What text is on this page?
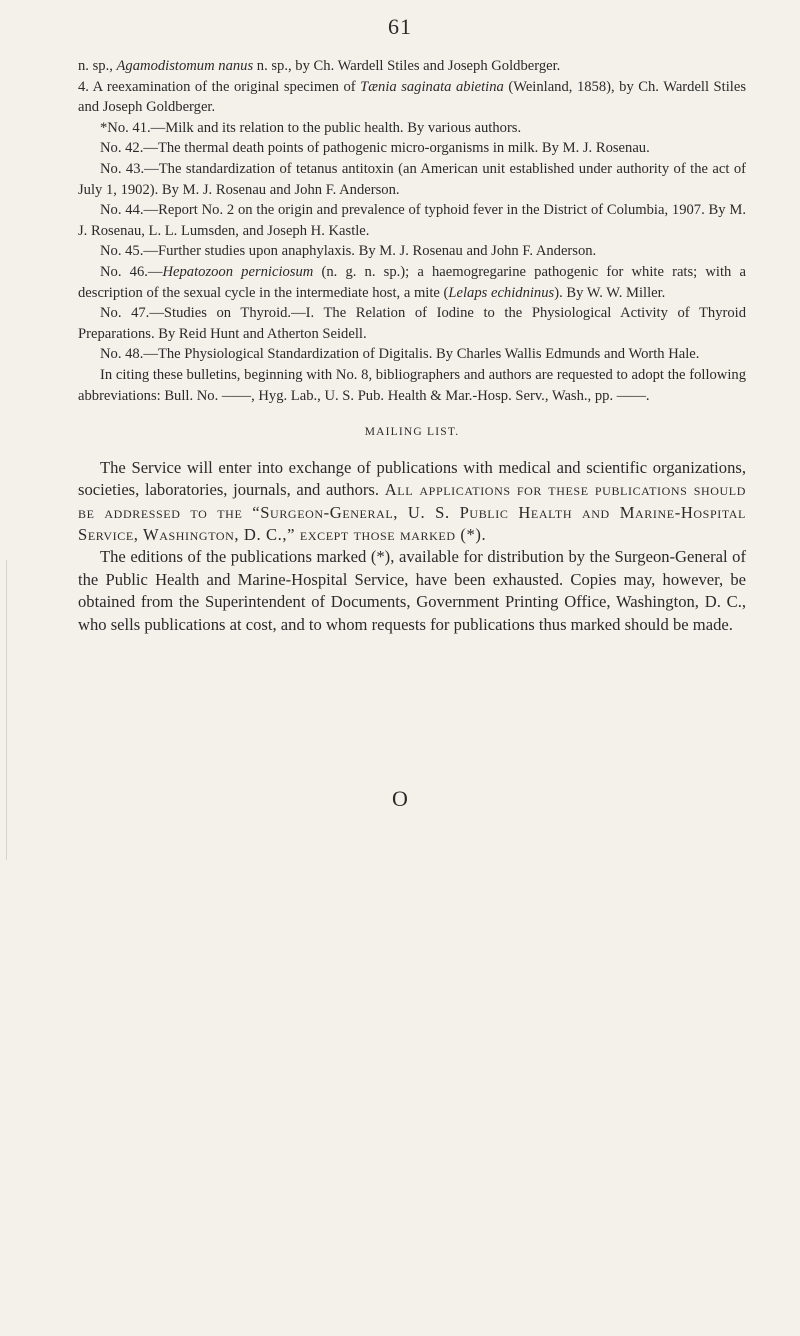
61

n. sp., Agamodistomum nanus n. sp., by Ch. Wardell Stiles and Joseph Goldberger.

4. A reexamination of the original specimen of Tænia saginata abietina (Weinland, 1858), by Ch. Wardell Stiles and Joseph Goldberger.

*No. 41.—Milk and its relation to the public health. By various authors.

No. 42.—The thermal death points of pathogenic micro-organisms in milk. By M. J. Rosenau.

No. 43.—The standardization of tetanus antitoxin (an American unit established under authority of the act of July 1, 1902). By M. J. Rosenau and John F. Anderson.

No. 44.—Report No. 2 on the origin and prevalence of typhoid fever in the District of Columbia, 1907. By M. J. Rosenau, L. L. Lumsden, and Joseph H. Kastle.

No. 45.—Further studies upon anaphylaxis. By M. J. Rosenau and John F. Anderson.

No. 46.—Hepatozoon perniciosum (n. g. n. sp.); a haemogregarine pathogenic for white rats; with a description of the sexual cycle in the intermediate host, a mite (Lelaps echidninus). By W. W. Miller.

No. 47.—Studies on Thyroid.—I. The Relation of Iodine to the Physiological Activity of Thyroid Preparations. By Reid Hunt and Atherton Seidell.

No. 48.—The Physiological Standardization of Digitalis. By Charles Wallis Edmunds and Worth Hale.

In citing these bulletins, beginning with No. 8, bibliographers and authors are requested to adopt the following abbreviations: Bull. No. ——, Hyg. Lab., U. S. Pub. Health & Mar.-Hosp. Serv., Wash., pp. ——.

MAILING LIST.

The Service will enter into exchange of publications with medical and scientific organizations, societies, laboratories, journals, and authors. All applications for these publications should be addressed to the “Surgeon-General, U. S. Public Health and Marine-Hospital Service, Washington, D. C.,” except those marked (*).

The editions of the publications marked (*), available for distribution by the Surgeon-General of the Public Health and Marine-Hospital Service, have been exhausted. Copies may, however, be obtained from the Superintendent of Documents, Government Printing Office, Washington, D. C., who sells publications at cost, and to whom requests for publications thus marked should be made.

O
